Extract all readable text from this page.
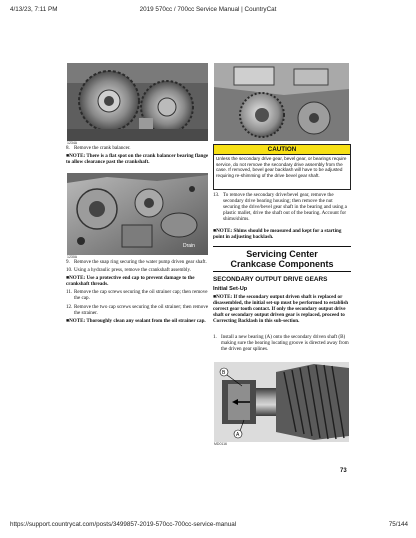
4/13/23, 7:11 PM	2019 570cc / 700cc Service Manual | CountryCat
1234A
8. Remove the crank balancer.
■NOTE: There is a flat spot on the crank balancer bearing flange to allow clearance past the crankshaft.
Drain
1230A
9. Remove the snap ring securing the water pump driven gear shaft.
10. Using a hydraulic press, remove the crankshaft assembly.
■NOTE: Use a protective end cap to prevent damage to the crankshaft threads.
11. Remove the cap screws securing the oil strainer cap; then remove the cap.
12. Remove the two cap screws securing the oil strainer; then remove the strainer.
■NOTE: Thoroughly clean any sealant from the oil strainer cap.
CAUTION
Unless the secondary drive gear, bevel gear, or bearings require service, do not remove the secondary drive assembly from the case. If removed, bevel gear backlash will have to be adjusted requiring re-shimming of the drive bevel gear shaft.
13. To remove the secondary drive/bevel gear, remove the secondary drive bearing housing; then remove the nut securing the drive/bevel gear shaft in the bearing and using a plastic mallet, drive the shaft out of the bearing. Account for shims/shims.
■NOTE: Shims should be measured and kept for a starting point in adjusting backlash.
Servicing Center
Crankcase Components
SECONDARY OUTPUT DRIVE GEARS
Initial Set-Up
■NOTE: If the secondary output driven shaft is replaced or disassembled, the initial set-up must be performed to establish correct gear tooth contact. If only the secondary output drive shaft or secondary output driven gear is replaced, proceed to Correcting Backlash in this sub-section.
1. Install a new bearing (A) onto the secondary driven shaft (B) making sure the bearing locating groove is directed away from the driven gear splines.
B
A
MD0116
73
https://support.countrycat.com/posts/3499857-2019-570cc-700cc-service-manual	75/144
